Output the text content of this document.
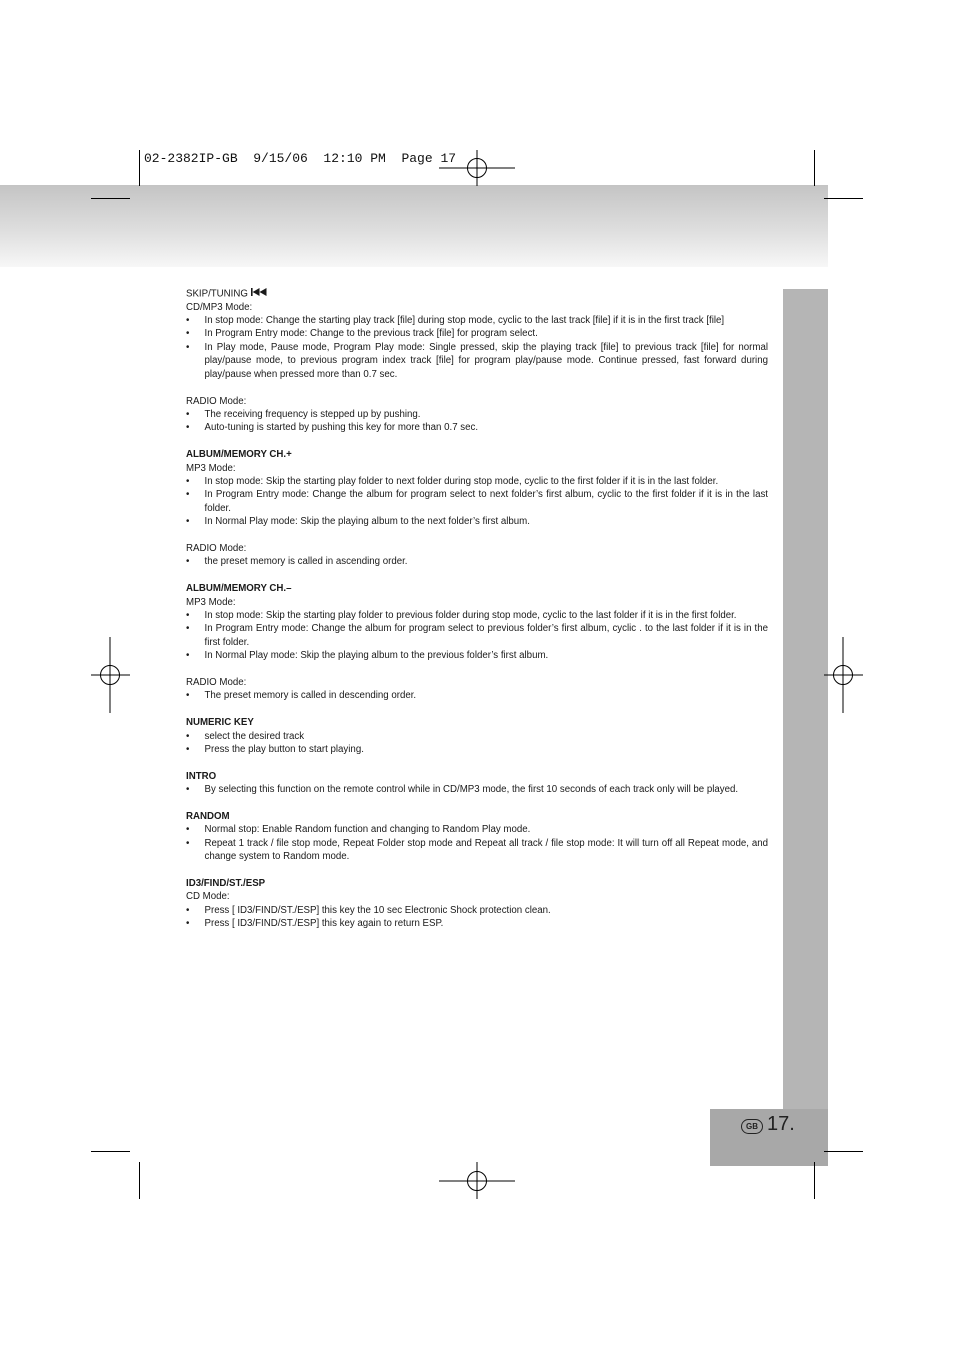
GB 17.
02-2382IP-GB  9/15/06  12:10 PM  Page 17

SKIP/TUNING

CD/MP3 Mode:

• In stop mode: Change the starting play track [file] during stop mode, cyclic to the last track [file] if it is in the first track [file]
• In Program Entry mode: Change to the previous track [file] for program select.
• In Play mode, Pause mode, Program Play mode: Single pressed, skip the playing track [file] to previous track [file] for normal play/pause mode, to previous program index track [file] for program play/pause mode. Continue pressed, fast forward during play/pause when pressed more than 0.7 sec.

RADIO Mode:

• The receiving frequency is stepped up by pushing.
• Auto-tuning is started by pushing this key for more than 0.7 sec.

ALBUM/MEMORY CH.+

MP3 Mode:

• In stop mode: Skip the starting play folder to next folder during stop mode, cyclic to the first folder if it is in the last folder.
• In Program Entry mode: Change the album for program select to next folder’s first album, cyclic to the first folder if it is in the last folder.
• In Normal Play mode: Skip the playing album to the next folder’s first album.

RADIO Mode:

• the preset memory is called in ascending order.

ALBUM/MEMORY CH.–

MP3 Mode:

• In stop mode: Skip the starting play folder to previous folder during stop mode, cyclic to the last folder if it is in the first folder.
• In Program Entry mode: Change the album for program select to previous folder’s first album, cyclic . to the last folder if it is in the first folder.
• In Normal Play mode: Skip the playing album to the previous folder’s first album.

RADIO Mode:

• The preset memory is called in descending order.

NUMERIC KEY

• select the desired track
• Press the play button to start playing.

INTRO

• By selecting this function on the remote control while in CD/MP3 mode, the first 10 seconds of each track only will be played.

RANDOM

• Normal stop: Enable Random function and changing to Random Play mode.
• Repeat 1 track / file stop mode, Repeat Folder stop mode and Repeat all track / file stop mode: It will turn off all Repeat mode, and change system to Random mode.

ID3/FIND/ST./ESP

CD Mode:

• Press [ ID3/FIND/ST./ESP] this key the 10 sec Electronic Shock protection clean.
• Press [ ID3/FIND/ST./ESP] this key again to return ESP.
